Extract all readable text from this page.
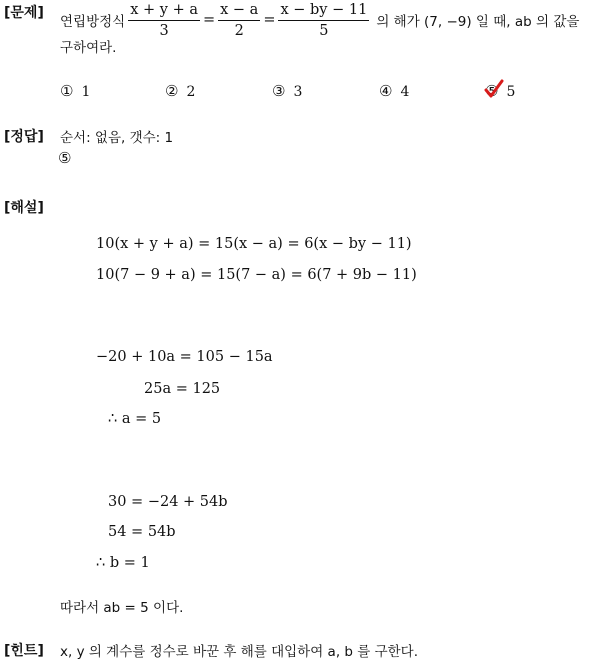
[문제]
연립방정식 $\frac{x + y + a}{3} = \frac{x - a}{2} = \frac{x - by - 11}{5}$ 의 해가 (7, −9) 일 때, ab 의 값을
구하여라.
① 1	② 2	③ 3	④ 4	⑤ 5
[정답] 순서: 없음, 갯수: 1
⑤
[해설]
10(x + y + a) = 15(x − a) = 6(x − by − 11)
10(7 − 9 + a) = 15(7 − a) = 6(7 + 9b − 11)
−20 + 10a = 105 − 15a
25a = 125
∴ a = 5
30 = −24 + 54b
54 = 54b
∴ b = 1
따라서 ab = 5 이다.
[힌트] x, y 의 계수를 정수로 바꾼 후 해를 대입하여 a, b 를 구한다.
